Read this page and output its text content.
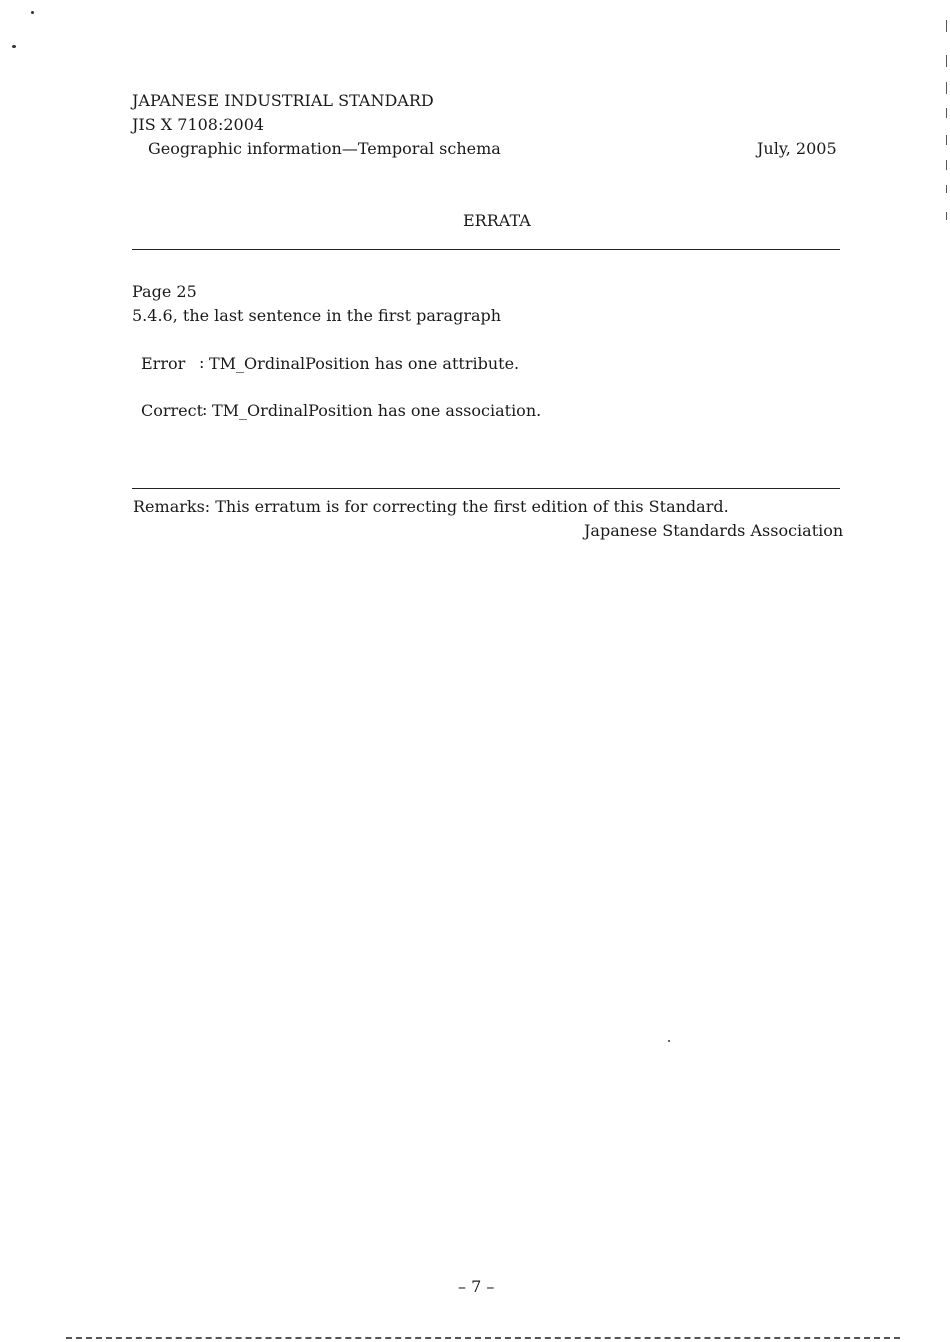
JAPANESE INDUSTRIAL STANDARD
JIS X 7108:2004
Geographic information—Temporal schema	July, 2005
ERRATA
Page 25
5.4.6, the last sentence in the first paragraph
Error : TM_OrdinalPosition has one attribute.
Correct
: TM_OrdinalPosition has one association.
Remarks: This erratum is for correcting the first edition of this Standard.
Japanese Standards Association
– 7 –
